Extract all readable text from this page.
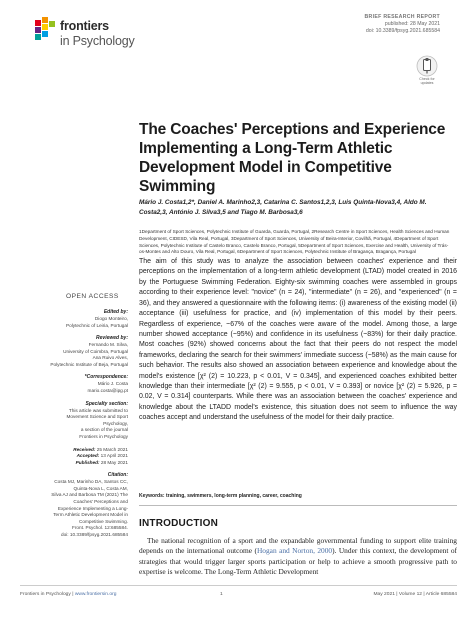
frontiers
in Psychology
BRIEF RESEARCH REPORT
published: 28 May 2021
doi: 10.3389/fpsyg.2021.685584
Check for updates
The Coaches' Perceptions and Experience Implementing a Long-Term Athletic Development Model in Competitive Swimming
Mário J. Costa1,2*, Daniel A. Marinho2,3, Catarina C. Santos1,2,3, Luis Quinta-Nova3,4, Aldo M. Costa2,3, António J. Silva3,5 and Tiago M. Barbosa3,6

1Department of Sport Sciences, Polytechnic Institute of Guarda, Guarda, Portugal, 2Research Centre in Sport Sciences, Health Sciences and Human Development, CIDESD, Vila Real, Portugal, 3Department of Sport Sciences, University of Beira-Interior, Covilhã, Portugal, 4Department of Sport Sciences, Polytechnic Institute of Castelo Branco, Castelo Branco, Portugal, 5Department of Sport Sciences, Exercise and Health, University of Trás-os-Montes and Alto Douro, Vila Real, Portugal, 6Department of Sport Sciences, Polytechnic Institute of Bragança, Bragança, Portugal

OPEN ACCESS
Edited by:
Diogo Monteiro,
Polytechnic of Leiria, Portugal
Reviewed by:
Fernando M. Silva,
University of Coimbra, Portugal
Ana Ruivo Alves,
Polytechnic Institute of Beja, Portugal
*Correspondence:
Mário J. Costa
mario.costa@ipg.pt
Specialty section:
This article was submitted to
Movement Science and Sport
Psychology,
a section of the journal
Frontiers in Psychology
Received: 25 March 2021
Accepted: 13 April 2021
Published: 28 May 2021
Citation:
Costa MJ, Marinho DA, Santos CC,
Quinta-Nova L, Costa AM,
Silva AJ and Barbosa TM (2021) The
Coaches' Perceptions and
Experience Implementing a Long-
Term Athletic Development Model in
Competitive Swimming.
Front. Psychol. 12:685584.
doi: 10.3389/fpsyg.2021.685584
The aim of this study was to analyze the association between coaches' experience and their perceptions on the implementation of a long-term athletic development (LTAD) model created in 2016 by the Portuguese Swimming Federation. Eighty-six swimming coaches were assembled in groups according to their experience level: "novice" (n = 24), "intermediate" (n = 26), and "experienced" (n = 36), and they answered a questionnaire with the following items: (i) awareness of the existing model (ii) acceptance (iii) usefulness for practice, and (iv) implementation of this model by their peers. Regardless of experience, ~67% of the coaches were aware of the model. Among those, a large number showed acceptance (~95%) and confidence in its usefulness (~83%) for their daily practice. Most coaches (92%) showed concerns about the fact that their peers do not respect the model frameworks, declaring the search for their swimmers' immediate success (~58%) as the main cause for such behavior. The results also showed an association between experience and knowledge about the model's existence [χ² (2) = 10.223, p < 0.01, V = 0.345], and experienced coaches exhibited better knowledge than their intermediate [χ² (2) = 9.555, p < 0.01, V = 0.393] or novice [χ² (2) = 5.926, p = 0.02, V = 0.314] counterparts. While there was an association between the coaches' experience and knowledge about the LTADD model's existence, this situation does not seem to influence the way coaches accept and understand the usefulness of the model for their daily practice.
Keywords: training, swimmers, long-term planning, career, coaching
INTRODUCTION
The national recognition of a sport and the expandable governmental funding to support elite training depends on the international outcome (Hogan and Norton, 2000). Under this context, the development of strategies that would trigger larger sports participation or help to achieve a smooth progressive path to expertise is welcome. The Long-Term Athletic Development
Frontiers in Psychology | www.frontiersin.org	1	May 2021 | Volume 12 | Article 685584
